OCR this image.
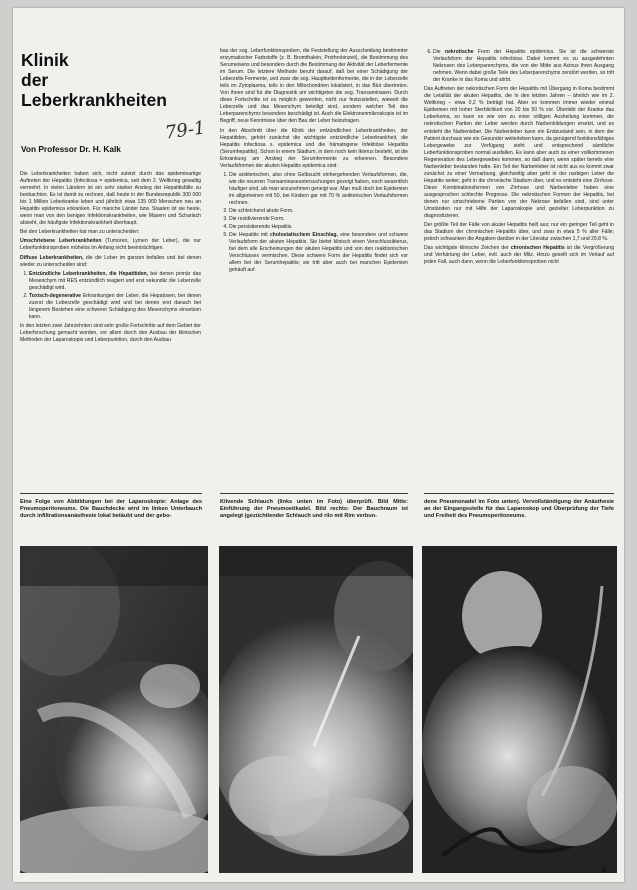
Klinik
der
Leberkrankheiten
79-1
Von Professor Dr. H. Kalk

Die Leberkrankheiten haben sich, nicht zuletzt durch das epidemieartige Auftreten der Hepatitis (Infectiosa = epidemica, seit dem 2. Weltkrieg gewaltig vermehrt. In vielen Ländern ist ein sehr starker Anstieg der Hepatitisfälle zu beobachten. Es ist damit zu rechnen, daß heute in der Bundesrepublik 300 000 bis 1 Million Leberkranke leben und jährlich etwa 135 000 Menschen neu an Hepatitis epidemica erkranken. Für manche Länder bzw. Staaten ist sie heute, wenn man von den benigen Infektionskrankheiten, wie Masern und Scharlach absieht, die häufigste Infektionskrankheit überhaupt.

Bei den Leberkrankheiten hat man zu unterscheiden:

Umschriebene Leberkrankheiten (Tumoren, Lymen der Leber), die nur Leberfunktionsproben mühelos im Anfang nicht beeinträchtigen.

Diffuse Leberkrankheiten, die die Leber im ganzen befallen und bei denen wieder zu unterscheiden sind:

1. Entzündliche Leberkrankheiten, die Hepatitiden, bei denen primär das Mesenchym mit RES entzündlich reagiert und erst sekundär die Leberzelle geschädigt wird.
2. Toxisch-degenerative Erkrankungen der Leber, die Hepatosen, bei denen zuerst die Leberzelle geschädigt wird und bei denen erst danach bei längerem Bestehen eine schwerer Schädigung des Mesenchyms einsetzen kann.

In den letzten zwei Jahrzehnten sind sehr große Fortschritte auf dem Gebiet der Leberforschung gemacht worden, vor allem durch den Ausbau der klinischen Methoden der Laparoskopie und Leberpunktion, durch den Ausbau

bau der sog. Leberfunktionsproben, die Feststellung der Ausscheidung bestimmter enzymatischer Farbstoffe (z. B. Bromthalein, Prothrobinzeit), die Bestimmung des Serumeisens und besonders durch die Bestimmung der Aktivität der Leberfermente im Serum. Die letztere Methode beruht darauf, daß bei einer Schädigung der Leberzelle Fermente, und zwar die sog. Hauptkettenfermente, die in der Leberzelle teils im Zytoplasma, teils in den Mitochondrien lokalisiert, in das Blut übertreten. Von ihnen sind für die Diagnostik am wichtigsten die sog. Transaminasen. Durch diese Fortschritte ist es möglich geworden, nicht nur festzustellen, wieweit die Leberzelle und das Mesenchym beteiligt sind, sondern welcher Teil des Leberparenchyms besonders beschädigt ist. Auch die Elektronenmikroskopie ist im Begriff, neue Kenntnisse über den Bau der Leber beizutragen.

In den Abschnitt über die Klinik der entzündlichen Leberkrankheiten, der Hepatitiden, gehört zunächst die wichtigste entzündliche Leberkrankheit, die Hepatitis infectiosa s. epidemica und die hämatogene Infektiöse Hepatitis (Serumhepatitis). Schon in einem Stadium, in dem noch kein Ikterus besteht, ist die Erkrankung am Anstieg der Serumfermente zu erkennen. Besondere Verlaufsformen der akuten Hepatitis epidemica sind:

1. Die anikterischen, also ohne Gelbsucht einhergehenden Verlaufsformen, die, wie die neueren Transaminaseuntersuchungen gezeigt haben, noch wesentlich häufiger sind, als man anzunehmen geneigt war. Man muß doch bei Epidemien im allgemeinen mit 50, bei Kindern gar mit 70 % anikterischen Verlaufsformen rechnen.
2. Die schleichend akute Form.
3. Die rezidivierende Form.
4. Die persistierende Hepatitis.
5. Die Hepatitis mit cholostatischem Einschlag, eine besondere und schwere Verlaufsform der akuten Hepatitis. Sie bietet klinisch einen Verschlussikterus, bei dem alle Erscheinungen der akuten Hepatitis und von den reaktionischen Verschlusses vermischen. Diese schwere Form der Hepatitis findet sich vor allem bei der Serumhepatitis; sie tritt aber auch bei manchen Epidemien gehäuft auf.
6. Die nekrotische Form der Hepatitis epidemica. Sie ist die schwerste Verlaufsform der Hepatitis infectiosa. Dabei kommt es zu ausgedehnten Nekrosen des Leberparenchyms, die von der Mitte aus Acinus ihren Ausgang nehmen. Wenn dabei große Teile des Leberparenchyms zerstört werden, so tritt der Kranke in das Koma und stirbt.

Das Auftreten der nekrotischen Form der Hepatitis mit Übergang in Koma bestimmt die Letalität der akuten Hepatitis, die in den letzten Jahren – ähnlich wie im 2. Weltkrieg – etwa 0,2 % beträgt hat. Aber es kommen immer wieder einmal Epidemien mit hoher Sterblichkeit von 20 bis 50 % vor. Überlebt der Kranke das Leberkoma, so kann es wie von zu einer völligen Ausheilung kommen, die nekrotischen Partien der Leber werden durch Narbenbildungen ersetzt, und es entsteht die Narbenleber. Die Narbenleber kann ein Endzustand sein, in dem der Patient durchaus wie ein Gesunder weiterleben kann, da genügend funktionsfähiges Lebergewebe zur Verfügung steht und entsprechend sämtliche Leberfunktionsproben normal ausfallen. Es kann aber auch zu einer vollkommenen Regeneration des Lebergewebes kommen, so daß dann, wenn später bereits eine Narbenleber bestanden hatte. Ein Teil der Narbenleber ist nicht aus es kommt zwar zunächst zu einer Vernarbung, gleichzeitig aber geht in der narbigen Leber die Hepatitis weiter, geht in die chronische Stadium über, und es entsteht eine Zirrhose. Diese Kombinationsformen von Zirrhose und Narbenleber haben eine ausgesprochen schlechte Prognose. Die nekrotischen Formen der Hepatitis, bei denen nur umschriebene Partien von der Nekrose befallen sind, sind unter Umständen nur mit Hilfe der Laparoskopie und gezielter Leberpunktion zu diagnostizieren.

Der größte Teil der Fälle von akuter Hepatitis heilt aus; nur ein geringer Teil geht in das Stadium der chronischen Hepatitis über, und zwar in etwa 5 % aller Fälle; jedoch schwanken die Angaben darüber in der Literatur zwischen 1,7 und 29,8 %.

Das wichtigste klinische Zeichen der chronischen Hepatitis ist die Vergrößerung und Verhärtung der Leber, evtl. auch der Milz. Hinzu gesellt sich im Verlauf auf jeden Fall, auch dann, wenn die Leberfunktionsproben nicht

Eine Folge von Abbildungen bei der Laparoskopie: Anlage des Pneumoperitoneums. Die Bauchdecke wird im linken Unterbauch durch infiltrationsanästhesie lokal betäubt und der gebo-
Kilvende Schlauch (links unten im Foto) überprüft. Bild Mitte: Einführung der Pneumoetikadel. Bild rechts: Der Bauchraum ist angelegt (gezüchtlender Schlauch und rilo mit Rim verbun-
dene Pneumonadel im Foto unten). Vervollständigung der Anästhesie an der Eingangsstelle für das Laparoskop und Überprüfung der Tiefe und Freiheit des Pneumoperitoneums.
9 →
